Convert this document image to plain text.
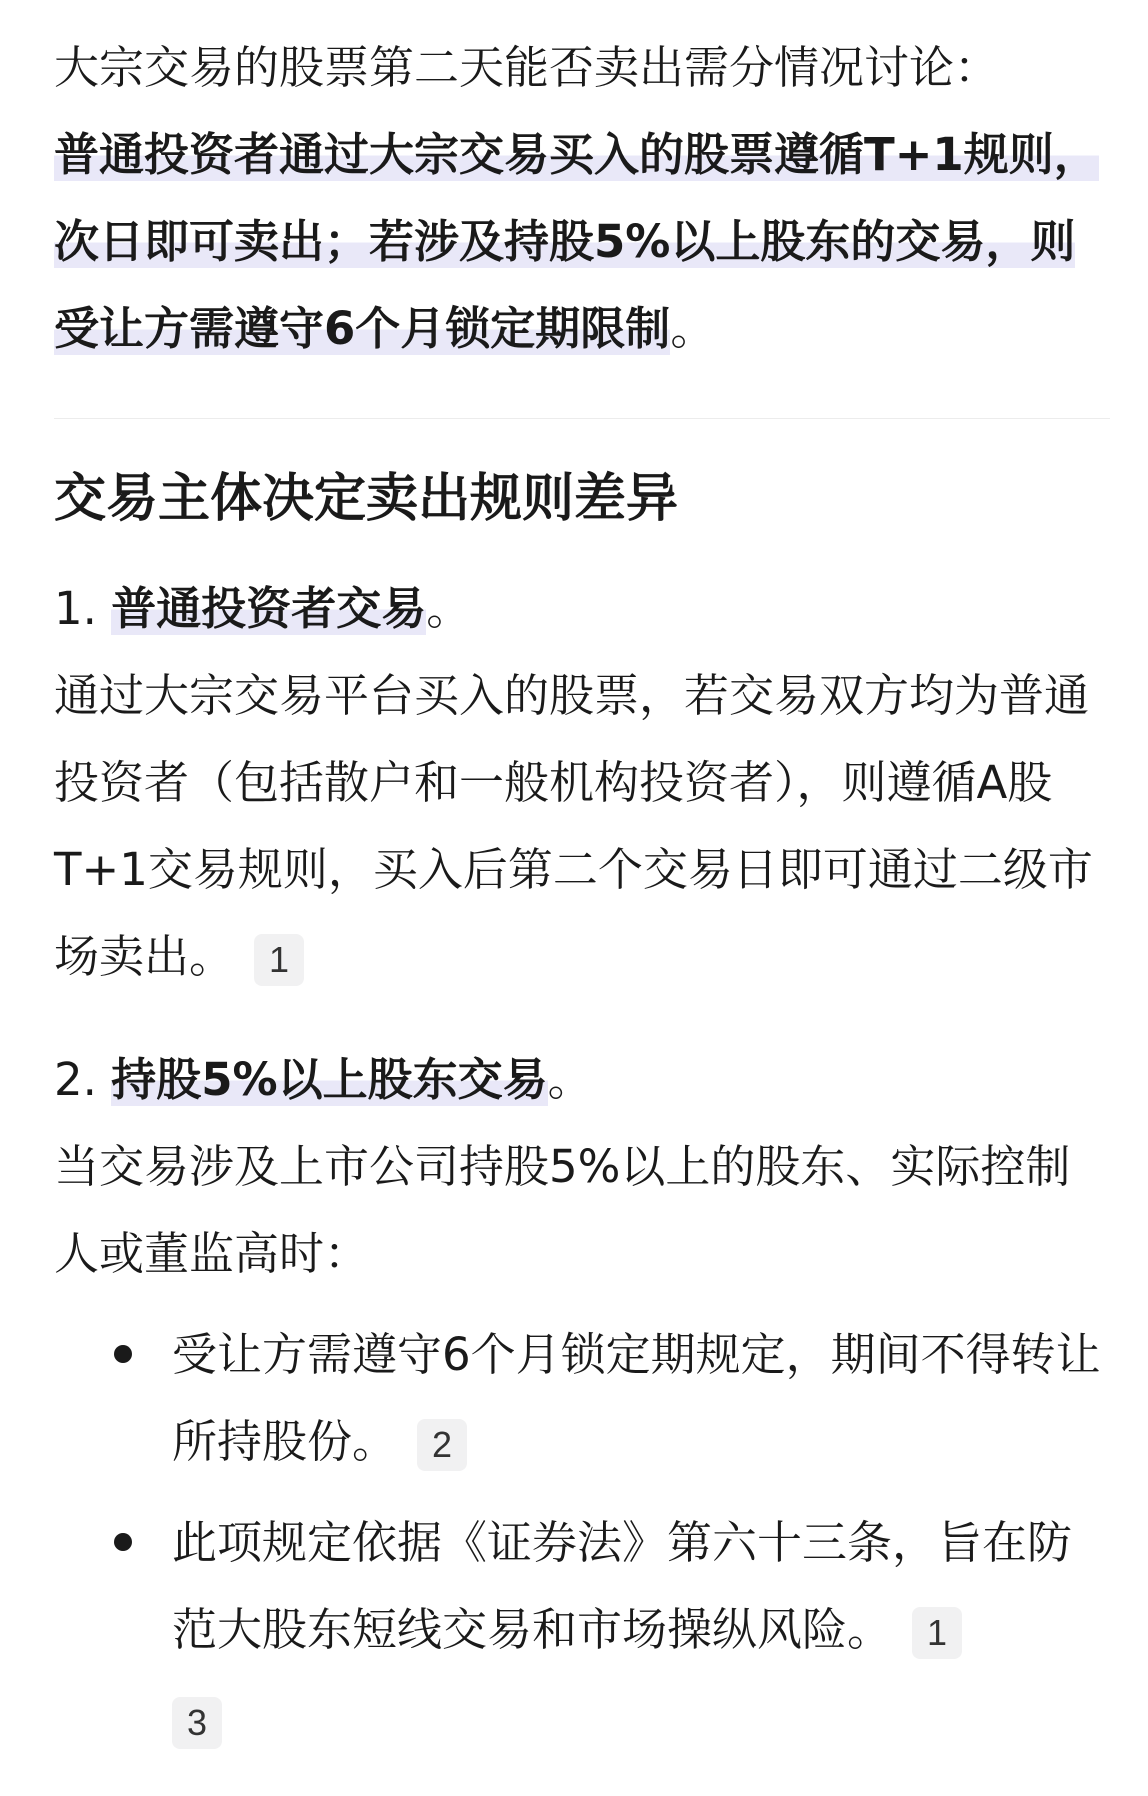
大宗交易的股票第二天能否卖出需分情况讨论：
普通投资者通过大宗交易买入的股票遵循T+1规则，次日即可卖出；若涉及持股5%以上股东的交易，则受让方需遵守6个月锁定期限制。

交易主体决定卖出规则差异
1. 普通投资者交易。

通过大宗交易平台买入的股票，若交易双方均为普通投资者（包括散户和一般机构投资者），则遵循A股T+1交易规则，买入后第二个交易日即可通过二级市场卖出。 1

2. 持股5%以上股东交易。

当交易涉及上市公司持股5%以上的股东、实际控制人或董监高时：

受让方需遵守6个月锁定期规定，期间不得转让所持股份。 2
此项规定依据《证券法》第六十三条，旨在防范大股东短线交易和市场操纵风险。 1
3
